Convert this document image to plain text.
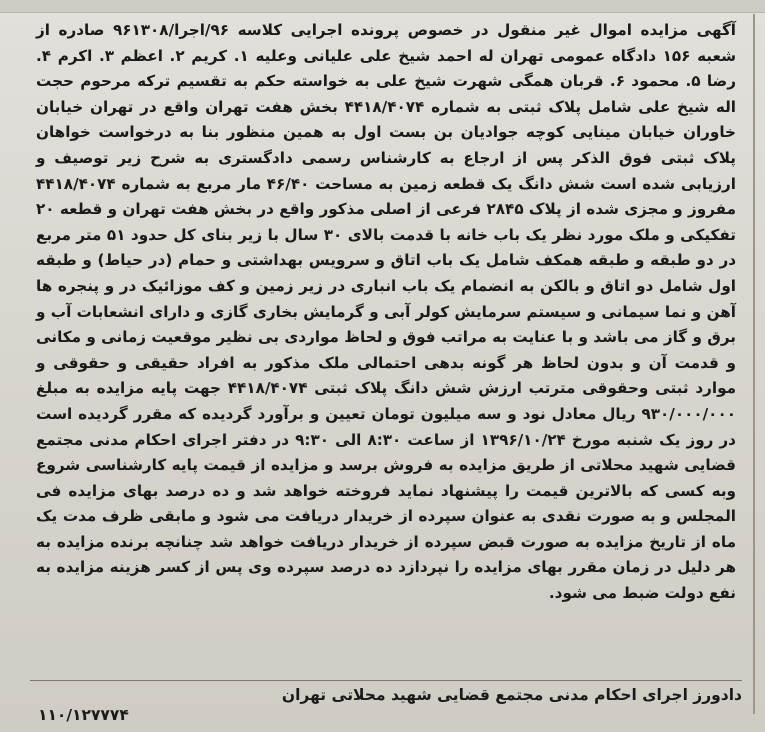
آگهی مزایده اموال غیر منقول در خصوص پرونده اجرایی کلاسه ۹۶/اجرا/۹۶۱۳۰۸ صادره از شعبه ۱۵۶ دادگاه عمومی تهران له احمد شیخ علی علیانی وعلیه ۱. کریم ۲. اعظم ۳. اکرم ۴. رضا ۵. محمود ۶. قربان همگی شهرت شیخ علی به خواسته حکم به تقسیم ترکه مرحوم حجت اله شیخ علی شامل پلاک ثبتی به شماره ۴۴۱۸/۴۰۷۴ بخش هفت تهران واقع در تهران خیابان خاوران خیابان مینایی کوچه جوادیان بن بست اول به همین منظور بنا به درخواست خواهان پلاک ثبتی فوق الذکر پس از ارجاع به کارشناس رسمی دادگستری به شرح زیر توصیف و ارزیابی شده است شش دانگ یک قطعه زمین به مساحت ۴۶/۴۰ مار مربع به شماره ۴۴۱۸/۴۰۷۴ مفروز و مجزی شده از پلاک ۲۸۴۵ فرعی از اصلی مذکور واقع در بخش هفت تهران و قطعه ۲۰ تفکیکی و ملک مورد نظر یک باب خانه با قدمت بالای ۳۰ سال با زیر بنای کل حدود ۵۱ متر مربع در دو طبقه و طبقه همکف شامل یک باب اتاق و سرویس بهداشتی و حمام (در حیاط) و طبقه اول شامل دو اتاق و بالکن به انضمام یک باب انباری در زیر زمین و کف موزائیک در و پنجره ها آهن و نما سیمانی و سیستم سرمایش کولر آبی و گرمایش بخاری گازی و دارای انشعابات آب و برق و گاز می باشد و با عنایت به مراتب فوق و لحاظ مواردی بی نظیر موقعیت زمانی و مکانی و قدمت آن و بدون لحاظ هر گونه بدهی احتمالی ملک مذکور به افراد حقیقی و حقوقی و موارد ثبتی وحقوقی مترتب ارزش شش دانگ پلاک ثبتی ۴۴۱۸/۴۰۷۴ جهت پایه مزایده به مبلغ ۹۳۰/۰۰۰/۰۰۰ ریال معادل نود و سه میلیون تومان تعیین و برآورد گردیده که مقرر گردیده است در روز یک شنبه مورخ ۱۳۹۶/۱۰/۲۴ از ساعت ۸:۳۰ الی ۹:۳۰ در دفتر اجرای احکام مدنی مجتمع قضایی شهید محلاتی از طریق مزایده به فروش برسد و مزایده از قیمت پایه کارشناسی شروع وبه کسی که بالاترین قیمت را پیشنهاد نماید فروخته خواهد شد و ده درصد بهای مزایده فی المجلس و به صورت نقدی به عنوان سپرده از خریدار دریافت می شود و مابقی ظرف مدت یک ماه از تاریخ مزایده به صورت قبض سپرده از خریدار دریافت خواهد شد چنانچه برنده مزایده به هر دلیل در زمان مقرر بهای مزایده را نپردازد ده درصد سپرده وی پس از کسر هزینه مزایده به نفع دولت ضبط می شود.

دادورز اجرای احکام مدنی مجتمع قضایی شهید محلاتی تهران
۱۱۰/۱۲۷۷۷۴
